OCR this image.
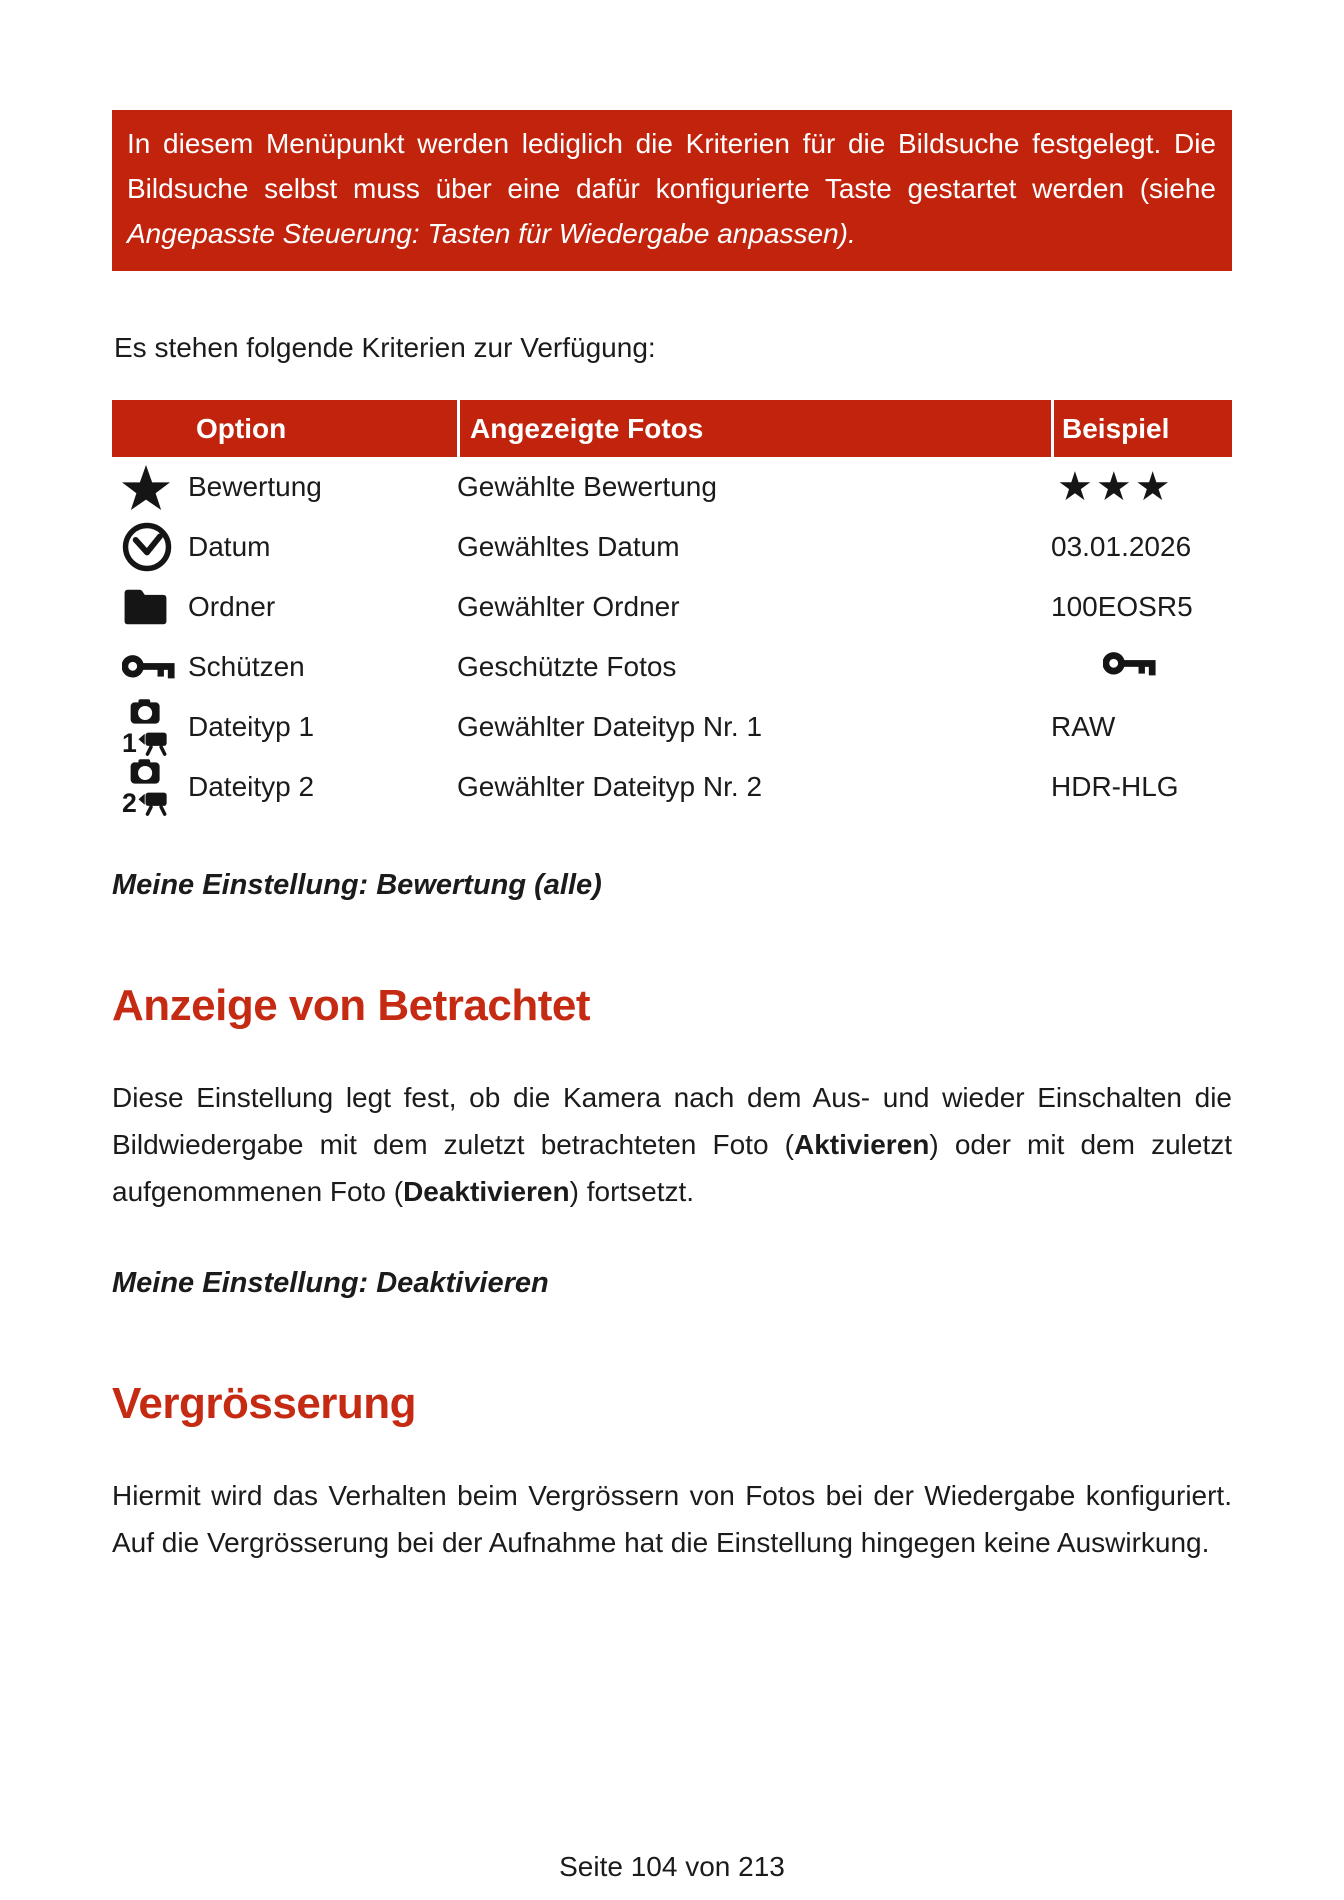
In diesem Menüpunkt werden lediglich die Kriterien für die Bildsuche festgelegt. Die Bildsuche selbst muss über eine dafür konfigurierte Taste gestartet werden (siehe Angepasste Steuerung: Tasten für Wiedergabe anpassen).

Es stehen folgende Kriterien zur Verfügung:

Option	Angezeigte Fotos	Beispiel

Bewertung	Gewählte Bewertung	★★★

Datum	Gewähltes Datum	03.01.2026

Ordner	Gewählter Ordner	100EOSR5

Schützen	Geschützte Fotos	

1
Dateityp 1	Gewählter Dateityp Nr. 1	RAW

2
Dateityp 2	Gewählter Dateityp Nr. 2	HDR-HLG

Meine Einstellung: Bewertung (alle)

Anzeige von Betrachtet

Diese Einstellung legt fest, ob die Kamera nach dem Aus- und wieder Einschalten die Bildwiedergabe mit dem zuletzt betrachteten Foto (Aktivieren) oder mit dem zuletzt aufgenommenen Foto (Deaktivieren) fortsetzt.

Meine Einstellung: Deaktivieren

Vergrösserung

Hiermit wird das Verhalten beim Vergrössern von Fotos bei der Wiedergabe konfiguriert. Auf die Vergrösserung bei der Aufnahme hat die Einstellung hingegen keine Auswirkung.

Seite 104 von 213
